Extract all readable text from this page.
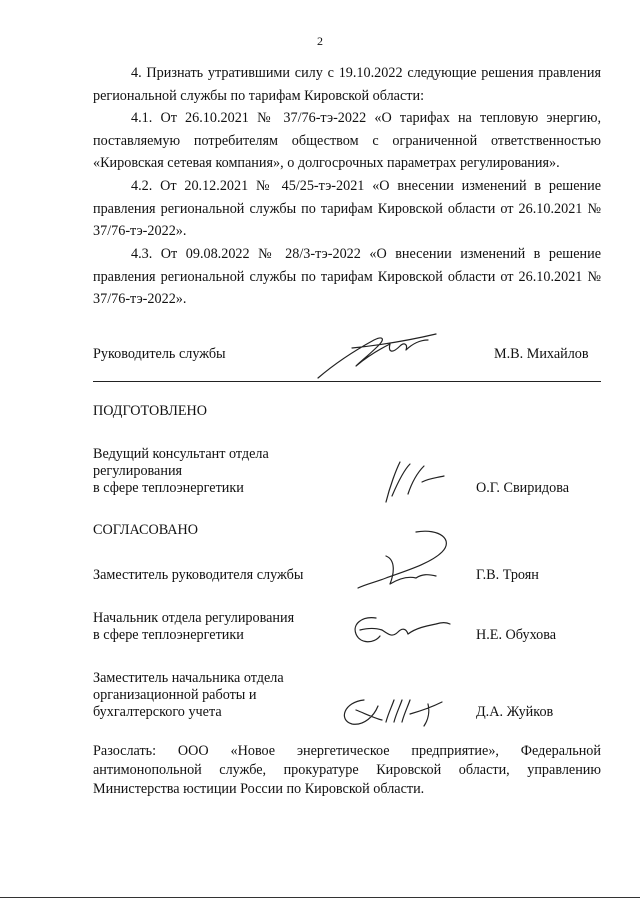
2

4. Признать утратившими силу с 19.10.2022 следующие решения правления региональной службы по тарифам Кировской области:

4.1. От 26.10.2021 № 37/76-тэ-2022 «О тарифах на тепловую энергию, поставляемую потребителям обществом с ограниченной ответственностью «Кировская сетевая компания», о долгосрочных параметрах регулирования».

4.2. От 20.12.2021 № 45/25-тэ-2021 «О внесении изменений в решение правления региональной службы по тарифам Кировской области от 26.10.2021 № 37/76-тэ-2022».

4.3. От 09.08.2022 № 28/3-тэ-2022 «О внесении изменений в решение правления региональной службы по тарифам Кировской области от 26.10.2021 № 37/76-тэ-2022».

Руководитель службы	М.В. Михайлов
ПОДГОТОВЛЕНО
Ведущий консультант отдела
регулирования
в сфере теплоэнергетики	О.Г. Свиридова
СОГЛАСОВАНО
Заместитель руководителя службы	Г.В. Троян
Начальник отдела регулирования
в сфере теплоэнергетики	Н.Е. Обухова
Заместитель начальника отдела
организационной работы и
бухгалтерского учета	Д.А. Жуйков

Разослать: ООО «Новое энергетическое предприятие», Федеральной антимонопольной службе, прокуратуре Кировской области, управлению Министерства юстиции России по Кировской области.
